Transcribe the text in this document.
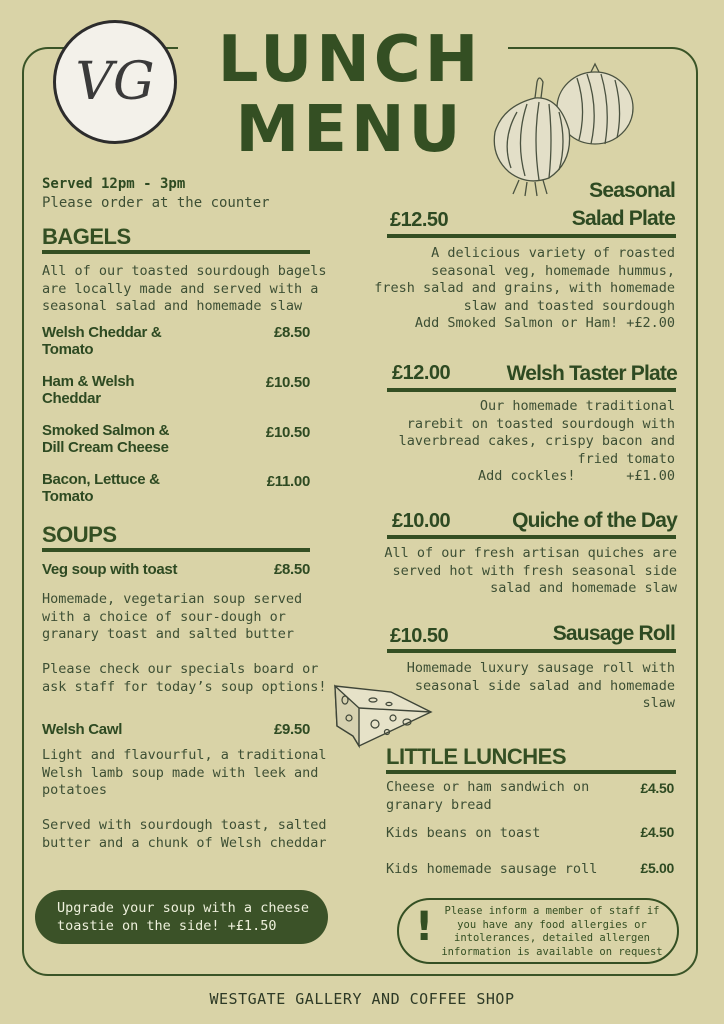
VG LUNCH
MENU
Served 12pm - 3pm
Please order at the counter
BAGELS
All of our toasted sourdough bagels
are locally made and served with a
seasonal salad and homemade slaw
Welsh Cheddar &
Tomato
£8.50
Ham & Welsh
Cheddar
£10.50
Smoked Salmon &
Dill Cream Cheese
£10.50
Bacon, Lettuce &
Tomato
£11.00
SOUPS
Veg soup with toast	£8.50
Homemade, vegetarian soup served
with a choice of sour-dough or
granary toast and salted butter
Please check our specials board or
ask staff for today’s soup options!
Welsh Cawl	£9.50
Light and flavourful, a traditional
Welsh lamb soup made with leek and
potatoes
Served with sourdough toast, salted
butter and a chunk of Welsh cheddar
Seasonal
Salad Plate
£12.50
A delicious variety of roasted
seasonal veg, homemade hummus,
fresh salad and grains, with homemade
slaw and toasted sourdough
Add Smoked Salmon or Ham! +£2.00
£12.00	Welsh Taster Plate
Our homemade traditional
rarebit on toasted sourdough with
laverbread cakes, crispy bacon and
fried tomato
Add cockles!	+£1.00
£10.00	Quiche of the Day
All of our fresh artisan quiches are
served hot with fresh seasonal side
salad and homemade slaw
£10.50	Sausage Roll
Homemade luxury sausage roll with
seasonal side salad and homemade
slaw
LITTLE LUNCHES
Cheese or ham sandwich on
granary bread
£4.50
Kids beans on toast	£4.50
Kids homemade sausage roll	£5.00
Upgrade your soup with a cheese
toastie on the side! +£1.50	!	Please inform a member of staff if
you have any food allergies or
intolerances, detailed allergen
information is available on request
WESTGATE GALLERY AND COFFEE SHOP
